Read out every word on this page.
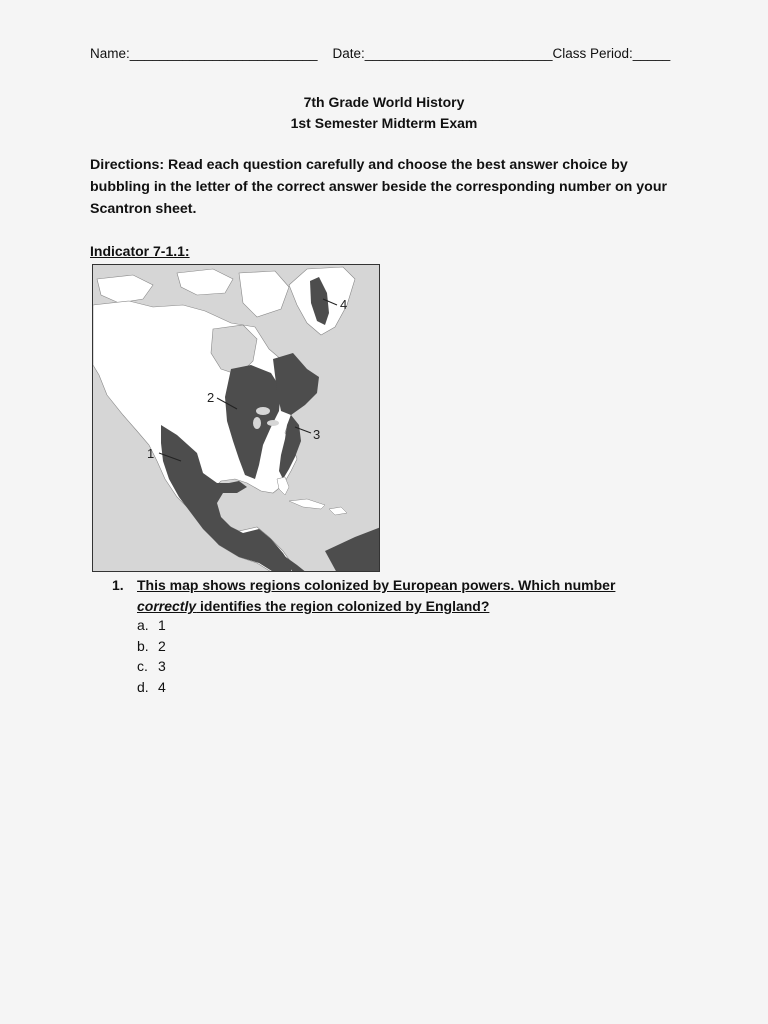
Name:_________________________ Date:_________________________Class Period:_____
7th Grade World History
1st Semester Midterm Exam
Directions: Read each question carefully and choose the best answer choice by bubbling in the letter of the correct answer beside the corresponding number on your Scantron sheet.
Indicator 7-1.1:
1
2
3
4
1. This map shows regions colonized by European powers. Which number
correctly identifies the region colonized by England?
a. 1
b. 2
c. 3
d. 4
